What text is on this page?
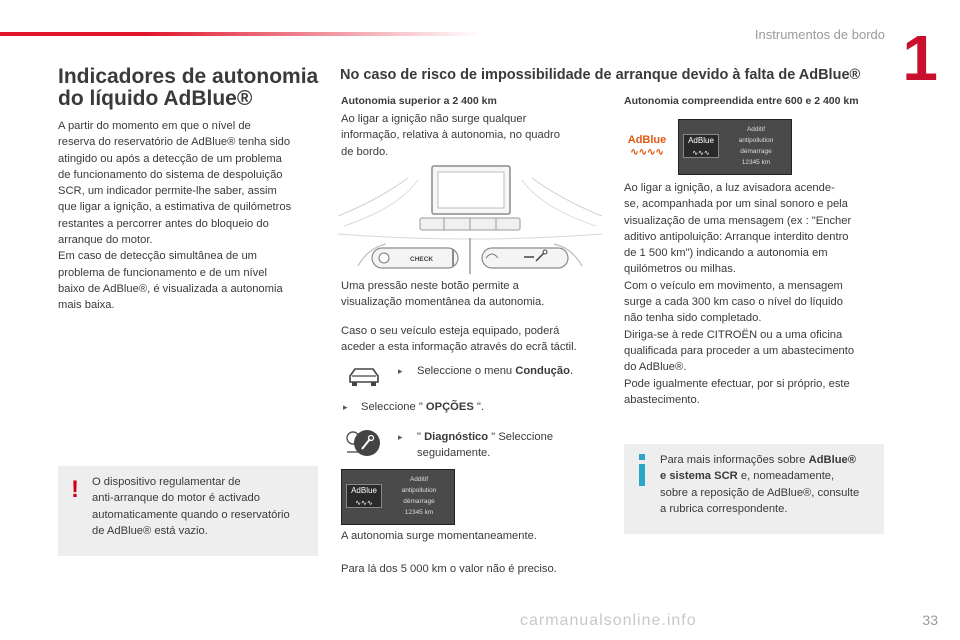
Instrumentos de bordo 1
Indicadores de autonomia
do líquido AdBlue®
A partir do momento em que o nível de
reserva do reservatório de AdBlue® tenha sido
atingido ou após a detecção de um problema
de funcionamento do sistema de despoluição
SCR, um indicador permite-lhe saber, assim
que ligar a ignição, a estimativa de quilómetros
restantes a percorrer antes do bloqueio do
arranque do motor.
Em caso de detecção simultânea de um
problema de funcionamento e de um nível
baixo de AdBlue®, é visualizada a autonomia
mais baixa.
! O dispositivo regulamentar de
anti-arranque do motor é activado
automaticamente quando o reservatório
de AdBlue® está vazio.
No caso de risco de impossibilidade de arranque devido à falta de AdBlue®
Autonomia superior a 2 400 km
Ao ligar a ignição não surge qualquer
informação, relativa à autonomia, no quadro
de bordo.
CHECK
Uma pressão neste botão permite a
visualização momentânea da autonomia.
Caso o seu veículo esteja equipado, poderá
aceder a esta informação através do ecrã táctil.
▸ Seleccione o menu Condução.
▸ Seleccione " OPÇÕES ".
▸ " Diagnóstico " Seleccione
seguidamente.
AdBlue
∿∿∿
Additif
antipollution
démarrage
12345 km
A autonomia surge momentaneamente.
Para lá dos 5 000 km o valor não é preciso.
Autonomia compreendida entre 600 e 2 400 km
AdBlue
∿∿∿∿
AdBlue
∿∿∿
Additif
antipollution
démarrage
12345 km
Ao ligar a ignição, a luz avisadora acende-
se, acompanhada por um sinal sonoro e pela
visualização de uma mensagem (ex : "Encher
aditivo antipoluição: Arranque interdito dentro
de 1 500 km") indicando a autonomia em
quilómetros ou milhas.
Com o veículo em movimento, a mensagem
surge a cada 300 km caso o nível do líquido
não tenha sido completado.
Diriga-se à rede CITROËN ou a uma oficina
qualificada para proceder a um abastecimento
do AdBlue®.
Pode igualmente efectuar, por si próprio, este
abastecimento.
Para mais informações sobre AdBlue®
e sistema SCR e, nomeadamente,
sobre a reposição de AdBlue®, consulte
a rubrica correspondente.
carmanualsonline.info	33
